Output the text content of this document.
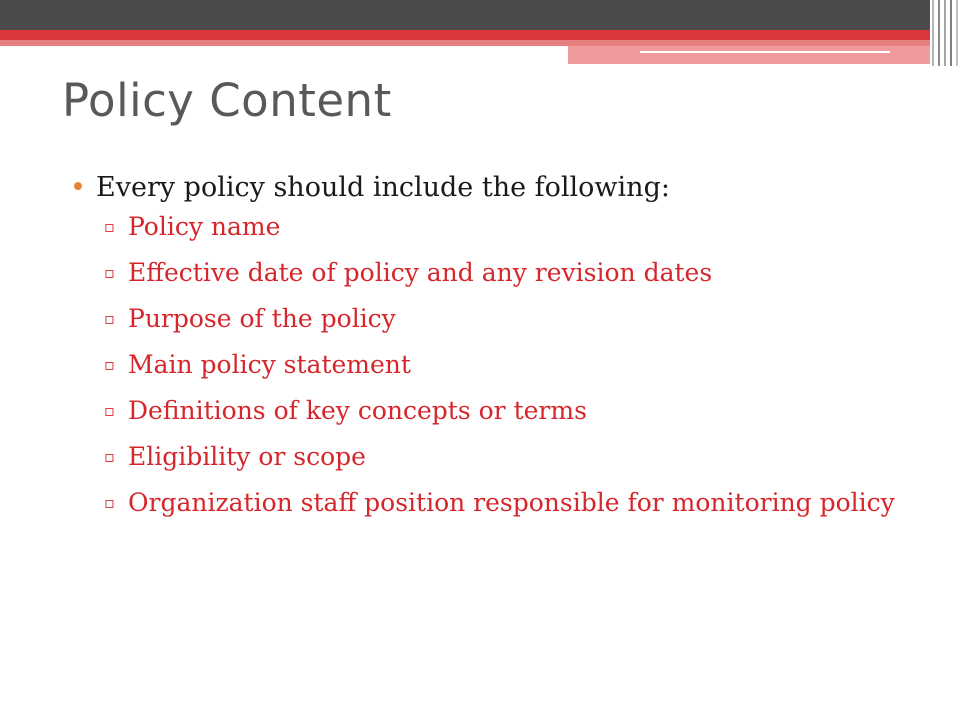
Policy Content
• Every policy should include the following:
▫ Policy name
▫ Effective date of policy and any revision dates
▫ Purpose of the policy
▫ Main policy statement
▫ Definitions of key concepts or terms
▫ Eligibility or scope
▫ Organization staff position responsible for monitoring policy
